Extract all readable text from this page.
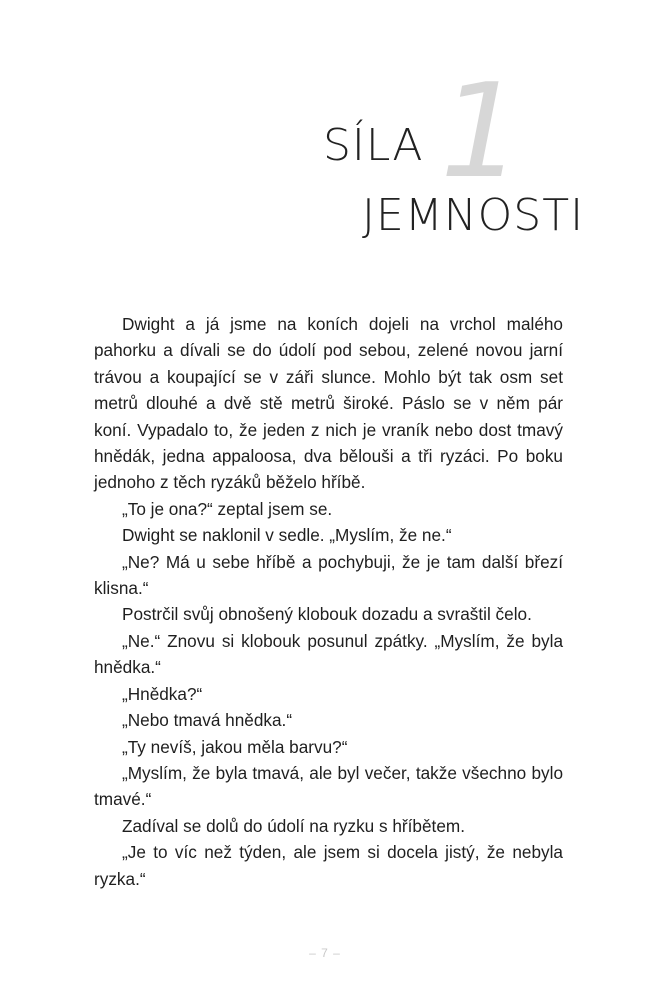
1
SÍLA
JEMNOSTI

Dwight a já jsme na koních dojeli na vrchol malého pahorku a dívali se do údolí pod sebou, zelené novou jarní trávou a koupající se v záři slunce. Mohlo být tak osm set metrů dlouhé a dvě stě metrů široké. Páslo se v něm pár koní. Vypadalo to, že jeden z nich je vraník nebo dost tmavý hnědák, jedna appaloosa, dva bělouši a tři ryzáci. Po boku jednoho z těch ryzáků běželo hříbě.

„To je ona?“ zeptal jsem se.

Dwight se naklonil v sedle. „Myslím, že ne.“

„Ne? Má u sebe hříbě a pochybuji, že je tam další březí klisna.“

Postrčil svůj obnošený klobouk dozadu a svraštil čelo.

„Ne.“ Znovu si klobouk posunul zpátky. „Myslím, že byla hnědka.“

„Hnědka?“

„Nebo tmavá hnědka.“

„Ty nevíš, jakou měla barvu?“

„Myslím, že byla tmavá, ale byl večer, takže všechno bylo tmavé.“

Zadíval se dolů do údolí na ryzku s hříbětem.

„Je to víc než týden, ale jsem si docela jistý, že nebyla ryzka.“

– 7 –
